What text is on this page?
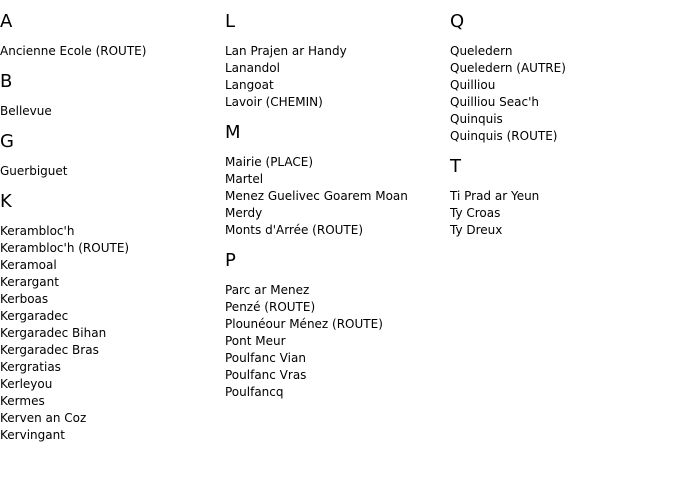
A
Ancienne Ecole (ROUTE)
B
Bellevue
G
Guerbiguet
K
Kerambloc'h
Kerambloc'h (ROUTE)
Keramoal
Kerargant
Kerboas
Kergaradec
Kergaradec Bihan
Kergaradec Bras
Kergratias
Kerleyou
Kermes
Kerven an Coz
Kervingant
L
Lan Prajen ar Handy
Lanandol
Langoat
Lavoir (CHEMIN)
M
Mairie (PLACE)
Martel
Menez Guelivec Goarem Moan
Merdy
Monts d'Arrée (ROUTE)
P
Parc ar Menez
Penzé (ROUTE)
Plounéour Ménez (ROUTE)
Pont Meur
Poulfanc Vian
Poulfanc Vras
Poulfancq
Q
Queledern
Queledern (AUTRE)
Quilliou
Quilliou Seac'h
Quinquis
Quinquis (ROUTE)
T
Ti Prad ar Yeun
Ty Croas
Ty Dreux
